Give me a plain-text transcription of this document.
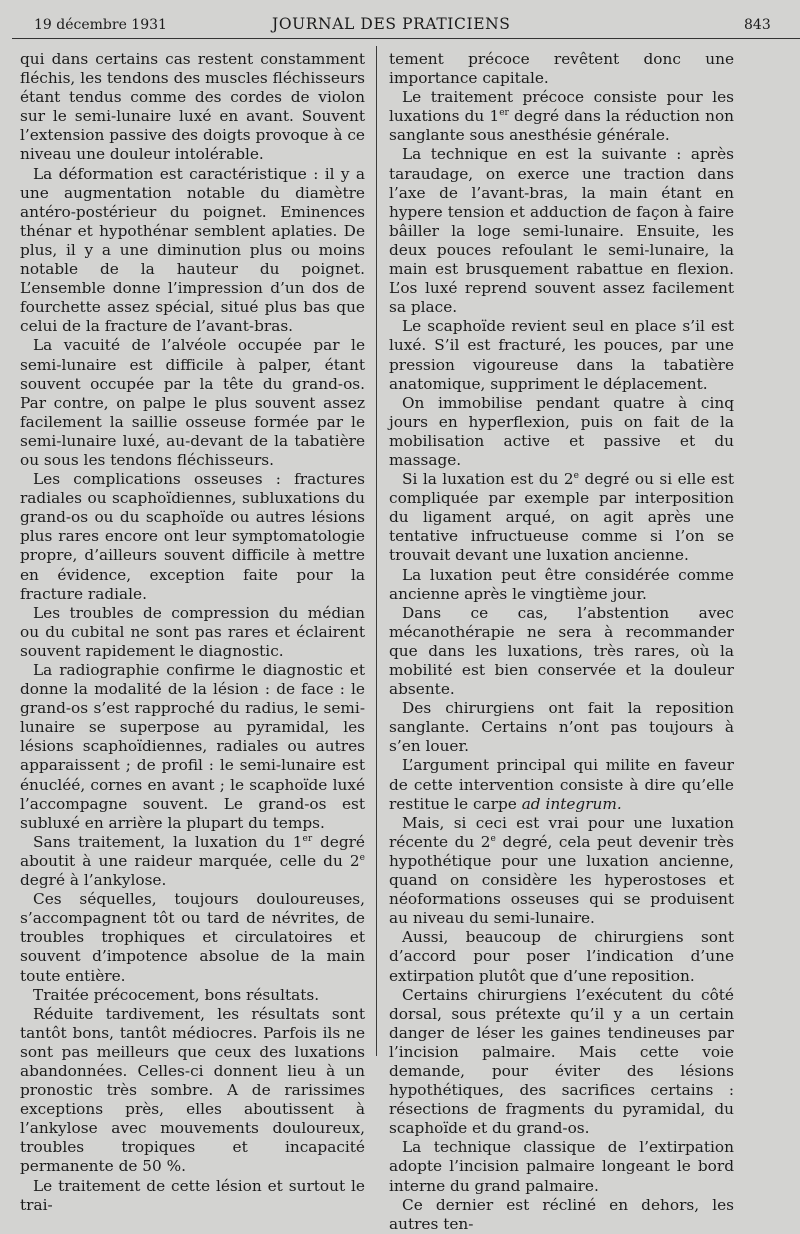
19 décembre 1931	JOURNAL DES PRATICIENS	843

qui dans certains cas restent constamment fléchis, les tendons des muscles fléchisseurs étant tendus comme des cordes de violon sur le semi-lunaire luxé en avant. Souvent l’extension passive des doigts provoque à ce niveau une douleur intolérable.

La déformation est caractéristique : il y a une augmentation notable du diamètre antéro-postérieur du poignet. Eminences thénar et hypothénar semblent aplaties. De plus, il y a une diminution plus ou moins notable de la hauteur du poignet. L’ensemble donne l’impression d’un dos de fourchette assez spécial, situé plus bas que celui de la fracture de l’avant-bras.

La vacuité de l’alvéole occupée par le semi-lunaire est difficile à palper, étant souvent occupée par la tête du grand-os. Par contre, on palpe le plus souvent assez facilement la saillie osseuse formée par le semi-lunaire luxé, au-devant de la tabatière ou sous les tendons fléchisseurs.

Les complications osseuses : fractures radiales ou scaphoïdiennes, subluxations du grand-os ou du scaphoïde ou autres lésions plus rares encore ont leur symptomatologie propre, d’ailleurs souvent difficile à mettre en évidence, exception faite pour la fracture radiale.

Les troubles de compression du médian ou du cubital ne sont pas rares et éclairent souvent rapidement le diagnostic.

La radiographie confirme le diagnostic et donne la modalité de la lésion : de face : le grand-os s’est rapproché du radius, le semi-lunaire se superpose au pyramidal, les lésions scaphoïdiennes, radiales ou autres apparaissent ; de profil : le semi-lunaire est énucléé, cornes en avant ; le scaphoïde luxé l’accompagne souvent. Le grand-os est subluxé en arrière la plupart du temps.

Sans traitement, la luxation du 1er degré aboutit à une raideur marquée, celle du 2e degré à l’ankylose.

Ces séquelles, toujours douloureuses, s’accompagnent tôt ou tard de névrites, de troubles trophiques et circulatoires et souvent d’impotence absolue de la main toute entière.

Traitée précocement, bons résultats.

Réduite tardivement, les résultats sont tantôt bons, tantôt médiocres. Parfois ils ne sont pas meilleurs que ceux des luxations abandonnées. Celles-ci donnent lieu à un pronostic très sombre. A de rarissimes exceptions près, elles aboutissent à l’ankylose avec mouvements douloureux, troubles tropiques et incapacité permanente de 50 %.

Le traitement de cette lésion et surtout le trai-

tement précoce revêtent donc une importance capitale.

Le traitement précoce consiste pour les luxations du 1er degré dans la réduction non sanglante sous anesthésie générale.

La technique en est la suivante : après taraudage, on exerce une traction dans l’axe de l’avant-bras, la main étant en hypere tension et adduction de façon à faire bâiller la loge semi-lunaire. Ensuite, les deux pouces refoulant le semi-lunaire, la main est brusquement rabattue en flexion. L’os luxé reprend souvent assez facilement sa place.

Le scaphoïde revient seul en place s’il est luxé. S’il est fracturé, les pouces, par une pression vigoureuse dans la tabatière anatomique, suppriment le déplacement.

On immobilise pendant quatre à cinq jours en hyperflexion, puis on fait de la mobilisation active et passive et du massage.

Si la luxation est du 2e degré ou si elle est compliquée par exemple par interposition du ligament arqué, on agit après une tentative infructueuse comme si l’on se trouvait devant une luxation ancienne.

La luxation peut être considérée comme ancienne après le vingtième jour.

Dans ce cas, l’abstention avec mécanothérapie ne sera à recommander que dans les luxations, très rares, où la mobilité est bien conservée et la douleur absente.

Des chirurgiens ont fait la reposition sanglante. Certains n’ont pas toujours à s’en louer.

L’argument principal qui milite en faveur de cette intervention consiste à dire qu’elle restitue le carpe ad integrum.

Mais, si ceci est vrai pour une luxation récente du 2e degré, cela peut devenir très hypothétique pour une luxation ancienne, quand on considère les hyperostoses et néoformations osseuses qui se produisent au niveau du semi-lunaire.

Aussi, beaucoup de chirurgiens sont d’accord pour poser l’indication d’une extirpation plutôt que d’une reposition.

Certains chirurgiens l’exécutent du côté dorsal, sous prétexte qu’il y a un certain danger de léser les gaines tendineuses par l’incision palmaire. Mais cette voie demande, pour éviter des lésions hypothétiques, des sacrifices certains : résections de fragments du pyramidal, du scaphoïde et du grand-os.

La technique classique de l’extirpation adopte l’incision palmaire longeant le bord interne du grand palmaire.

Ce dernier est récliné en dehors, les autres ten-
